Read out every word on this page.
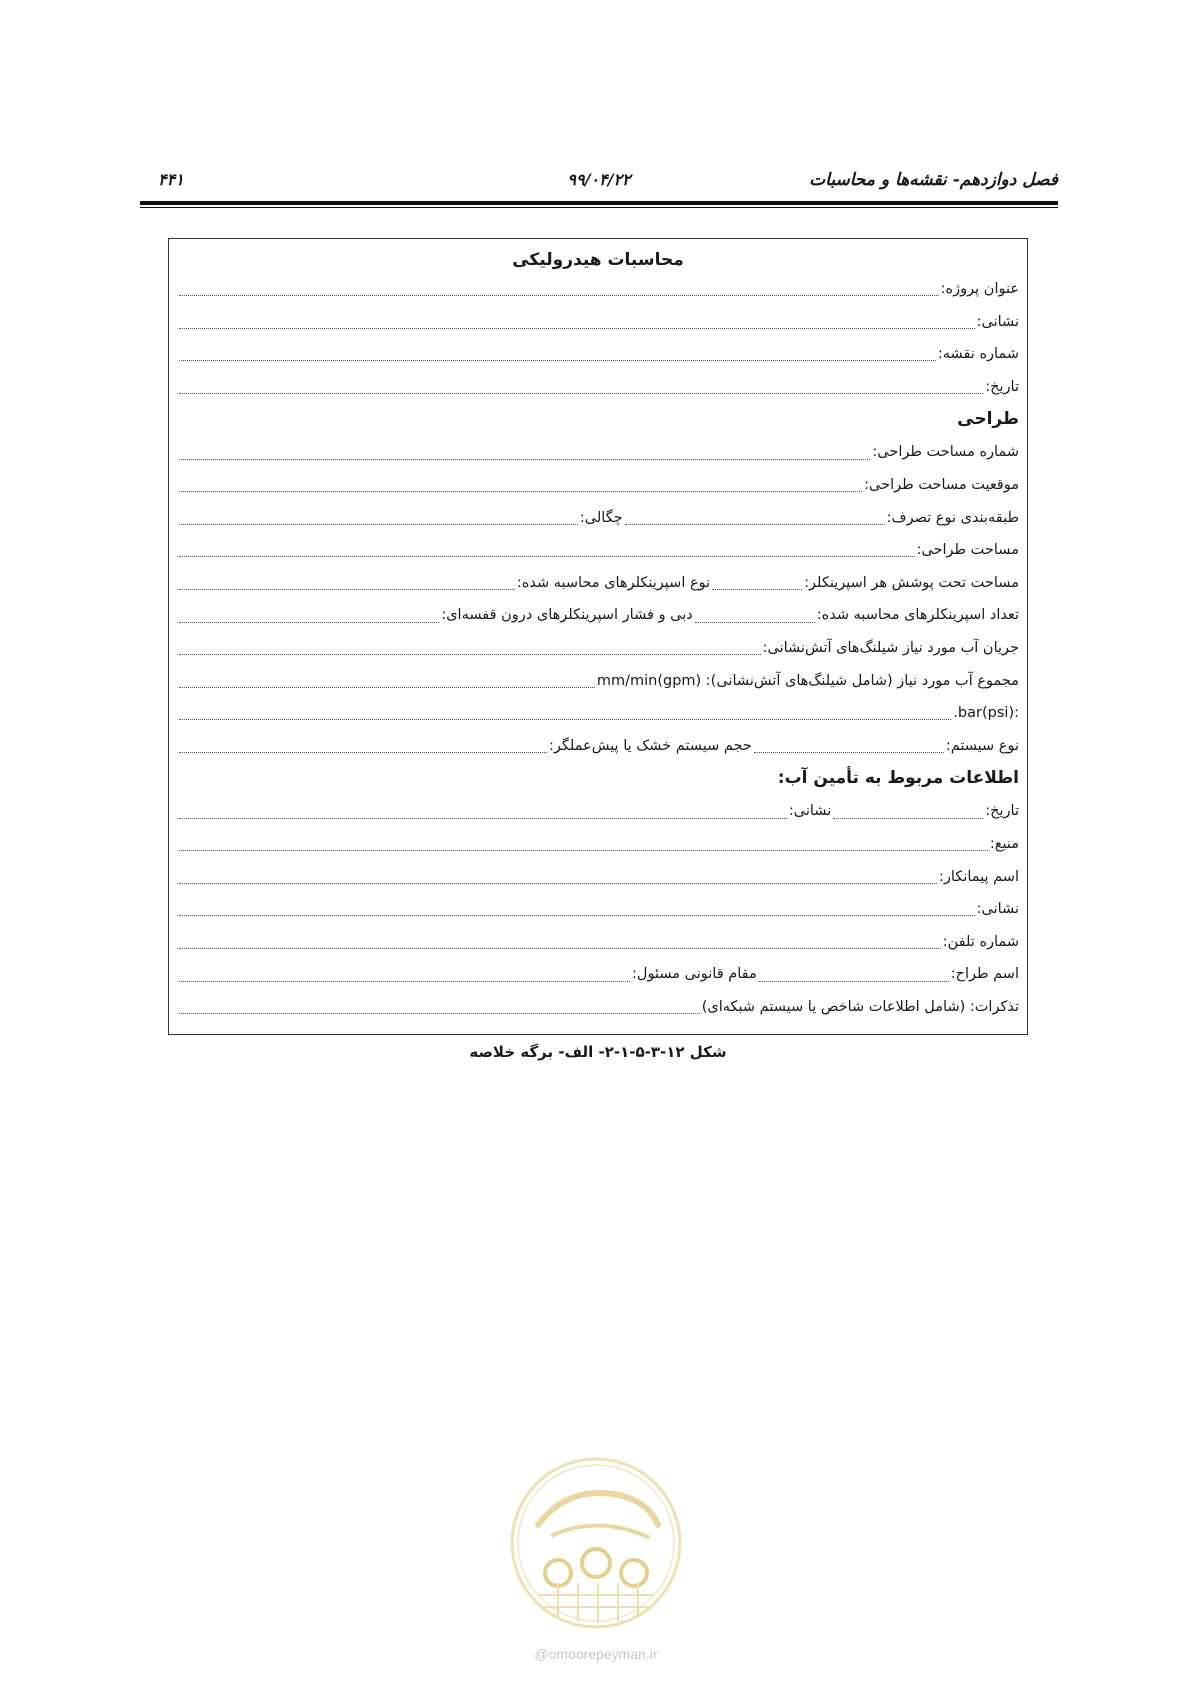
فصل دوازدهم- نقشه‌ها و محاسبات
۹۹/۰۴/۲۲
۴۴۱
محاسبات هیدرولیکی
عنوان پروژه:
نشانی:
شماره نقشه:
تاریخ:
طراحی
شماره مساحت طراحی:
موقعیت مساحت طراحی:
طبقه‌بندی نوع تصرف:
چگالی:
مساحت طراحی:
مساحت تحت پوشش هر اسپرینکلر:
نوع اسپرینکلرهای محاسبه شده:
تعداد اسپرینکلرهای محاسبه شده:
دبی و فشار اسپرینکلرهای درون قفسه‌ای:
جریان آب مورد نیاز شیلنگ‌های آتش‌نشانی:
مجموع آب مورد نیاز (شامل شیلنگ‌های آتش‌نشانی): (gpm)mm/min
:(psi)bar.
نوع سیستم:
حجم سیستم خشک یا پیش‌عملگر:
اطلاعات مربوط به تأمین آب:
تاریخ:
نشانی:
منبع:
اسم پیمانکار:
نشانی:
شماره تلفن:
اسم طراح:
مقام قانونی مسئول:
تذکرات: (شامل اطلاعات شاخص یا سیستم شبکه‌ای)
شکل ۱۲-۳-۵-۱-۲- الف- برگه خلاصه
@omoorepeyman.ir
